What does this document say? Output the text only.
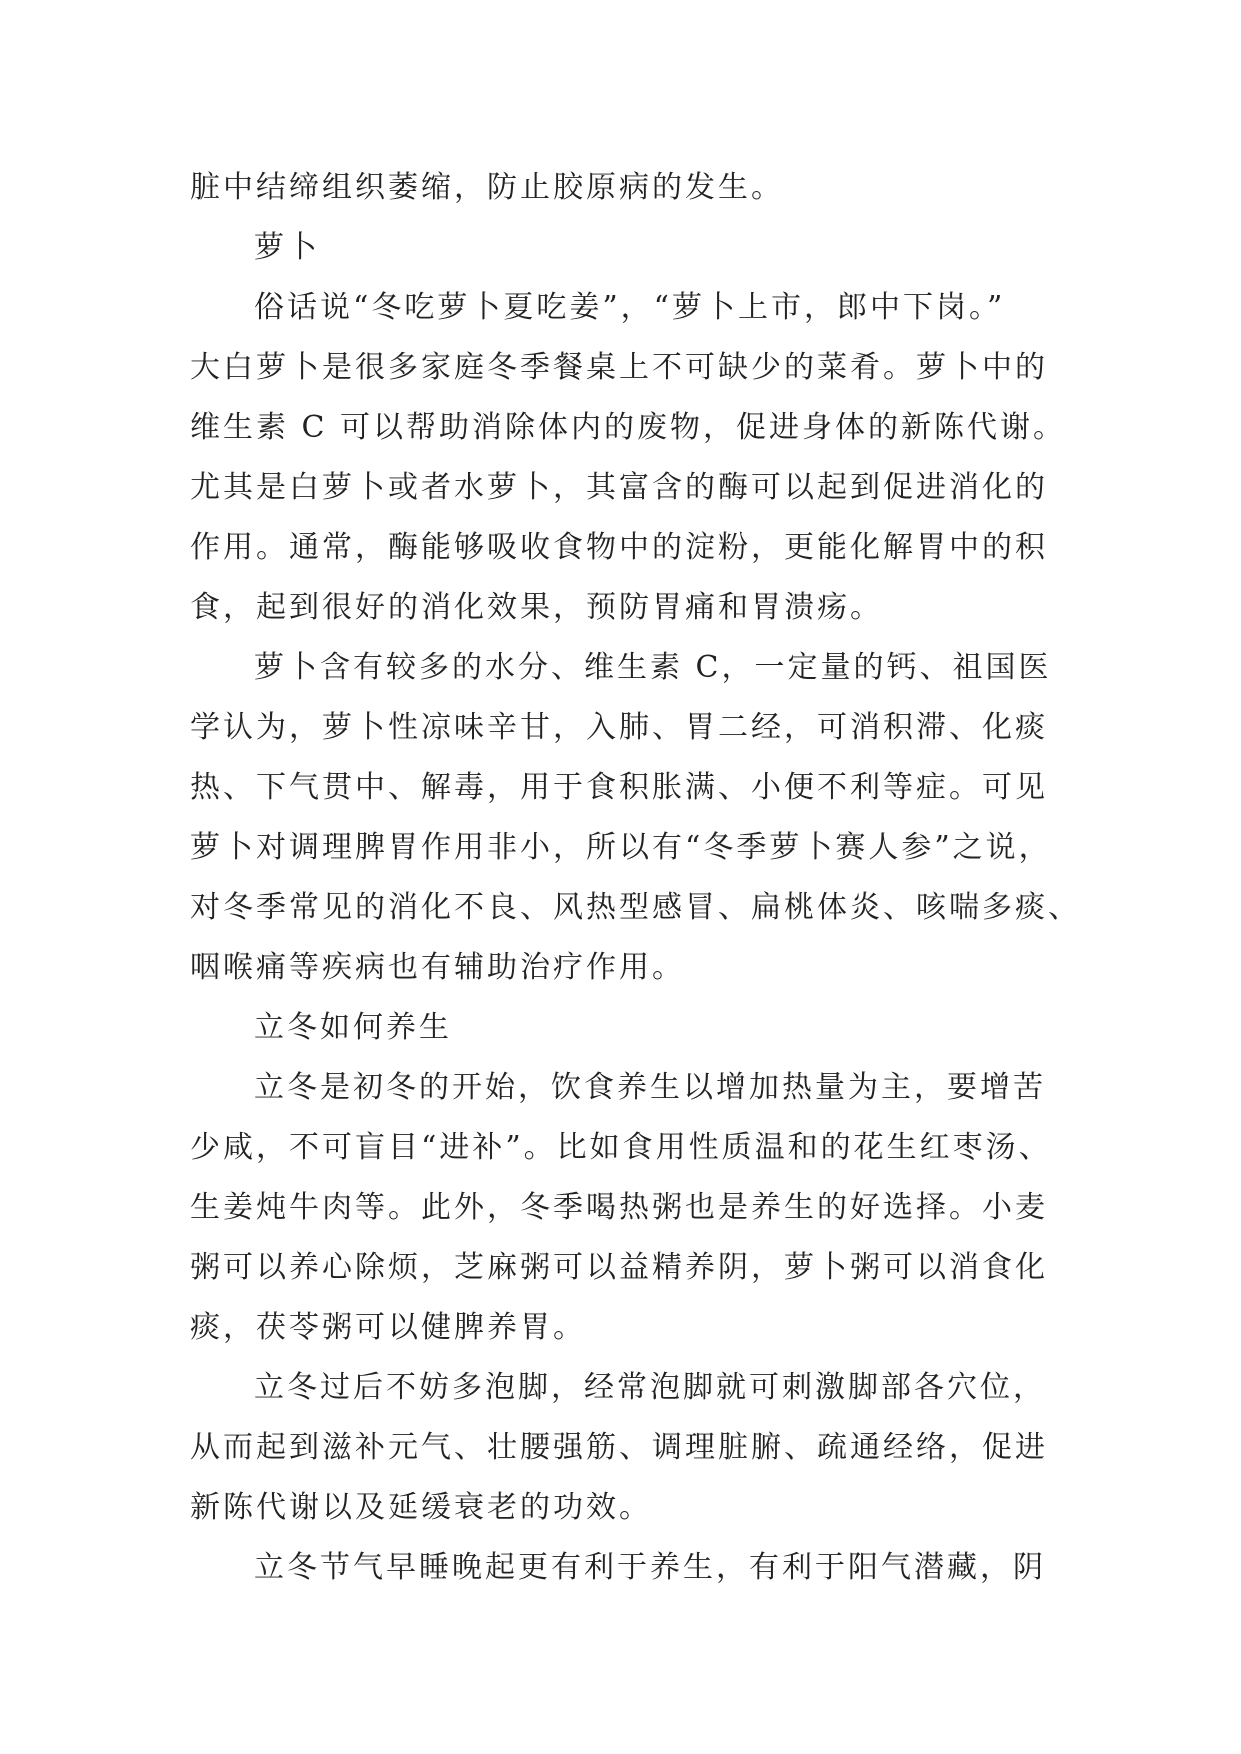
脏中结缔组织萎缩，防止胶原病的发生。
萝卜
俗话说“冬吃萝卜夏吃姜”，“萝卜上市，郎中下岗。”
大白萝卜是很多家庭冬季餐桌上不可缺少的菜肴。萝卜中的
维生素 C 可以帮助消除体内的废物，促进身体的新陈代谢。
尤其是白萝卜或者水萝卜，其富含的酶可以起到促进消化的
作用。通常，酶能够吸收食物中的淀粉，更能化解胃中的积
食，起到很好的消化效果，预防胃痛和胃溃疡。
萝卜含有较多的水分、维生素 C，一定量的钙、祖国医
学认为，萝卜性凉味辛甘，入肺、胃二经，可消积滞、化痰
热、下气贯中、解毒，用于食积胀满、小便不利等症。可见
萝卜对调理脾胃作用非小，所以有“冬季萝卜赛人参”之说，
对冬季常见的消化不良、风热型感冒、扁桃体炎、咳喘多痰、
咽喉痛等疾病也有辅助治疗作用。
立冬如何养生
立冬是初冬的开始，饮食养生以增加热量为主，要增苦
少咸，不可盲目“进补”。比如食用性质温和的花生红枣汤、
生姜炖牛肉等。此外，冬季喝热粥也是养生的好选择。小麦
粥可以养心除烦，芝麻粥可以益精养阴，萝卜粥可以消食化
痰，茯苓粥可以健脾养胃。
立冬过后不妨多泡脚，经常泡脚就可刺激脚部各穴位，
从而起到滋补元气、壮腰强筋、调理脏腑、疏通经络，促进
新陈代谢以及延缓衰老的功效。
立冬节气早睡晚起更有利于养生，有利于阳气潜藏，阴
